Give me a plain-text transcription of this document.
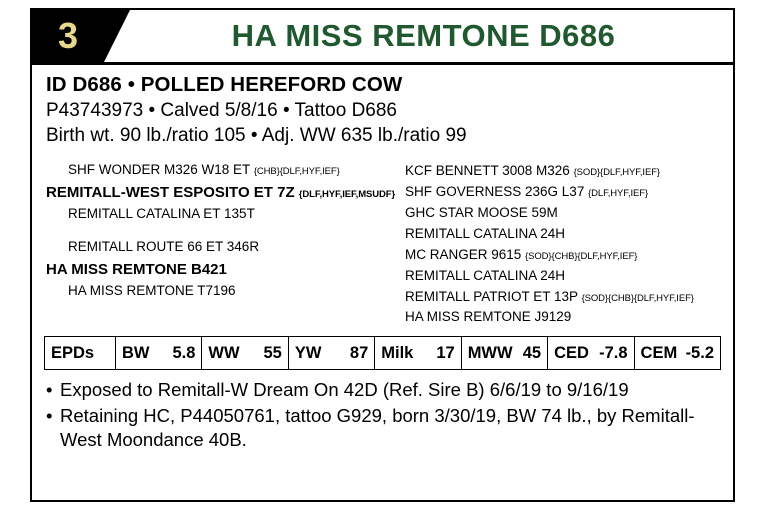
3	HA MISS REMTONE D686
ID D686 • POLLED HEREFORD COW
P43743973 • Calved 5/8/16 • Tattoo D686
Birth wt. 90 lb./ratio 105 • Adj. WW 635 lb./ratio 99
SHF WONDER M326 W18 ET {CHB}{DLF,HYF,IEF}
REMITALL-WEST ESPOSITO ET 7Z {DLF,HYF,IEF,MSUDF}
REMITALL CATALINA ET 135T
REMITALL ROUTE 66 ET 346R
HA MISS REMTONE B421
HA MISS REMTONE T7196
KCF BENNETT 3008 M326 {SOD}{DLF,HYF,IEF}
SHF GOVERNESS 236G L37 {DLF,HYF,IEF}
GHC STAR MOOSE 59M
REMITALL CATALINA 24H
MC RANGER 9615 {SOD}{CHB}{DLF,HYF,IEF}
REMITALL CATALINA 24H
REMITALL PATRIOT ET 13P {SOD}{CHB}{DLF,HYF,IEF}
HA MISS REMTONE J9129
EPDs	BW 5.8	WW 55	YW 87	Milk 17	MWW 45	CED -7.8	CEM -5.2
• Exposed to Remitall-W Dream On 42D (Ref. Sire B) 6/6/19 to 9/16/19
• Retaining HC, P44050761, tattoo G929, born 3/30/19, BW 74 lb., by Remitall-West Moondance 40B.
